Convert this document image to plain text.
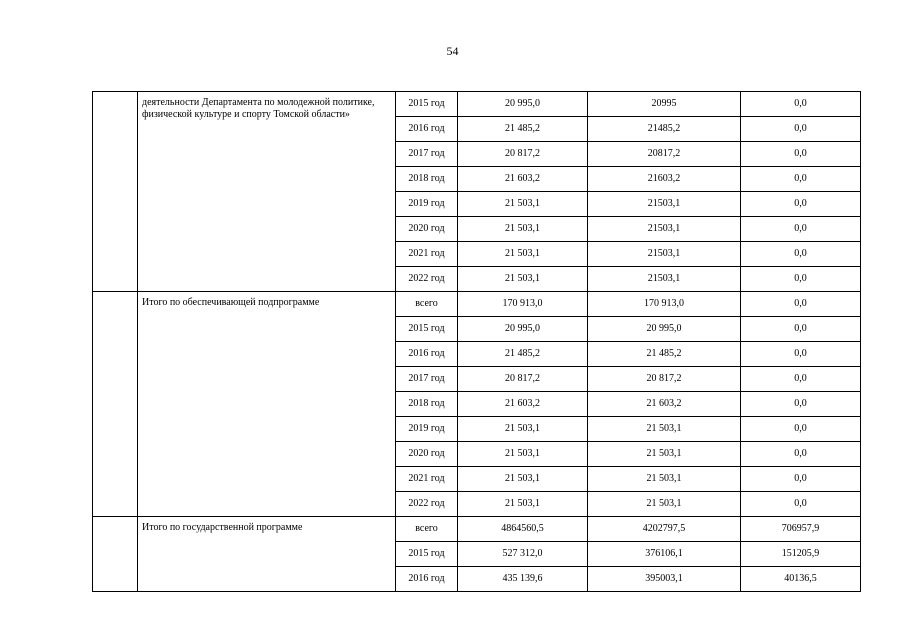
54
	деятельности Департамента по молодежной политике, физической культуре и спорту Томской области»	2015 год	20 995,0	20995	0,0
		2016 год	21 485,2	21485,2	0,0
		2017 год	20 817,2	20817,2	0,0
		2018 год	21 603,2	21603,2	0,0
		2019 год	21 503,1	21503,1	0,0
		2020 год	21 503,1	21503,1	0,0
		2021 год	21 503,1	21503,1	0,0
		2022 год	21 503,1	21503,1	0,0
	Итого по обеспечивающей подпрограмме	всего	170 913,0	170 913,0	0,0
		2015 год	20 995,0	20 995,0	0,0
		2016 год	21 485,2	21 485,2	0,0
		2017 год	20 817,2	20 817,2	0,0
		2018 год	21 603,2	21 603,2	0,0
		2019 год	21 503,1	21 503,1	0,0
		2020 год	21 503,1	21 503,1	0,0
		2021 год	21 503,1	21 503,1	0,0
		2022 год	21 503,1	21 503,1	0,0
	Итого по государственной программе	всего	4864560,5	4202797,5	706957,9
		2015 год	527 312,0	376106,1	151205,9
		2016 год	435 139,6	395003,1	40136,5
